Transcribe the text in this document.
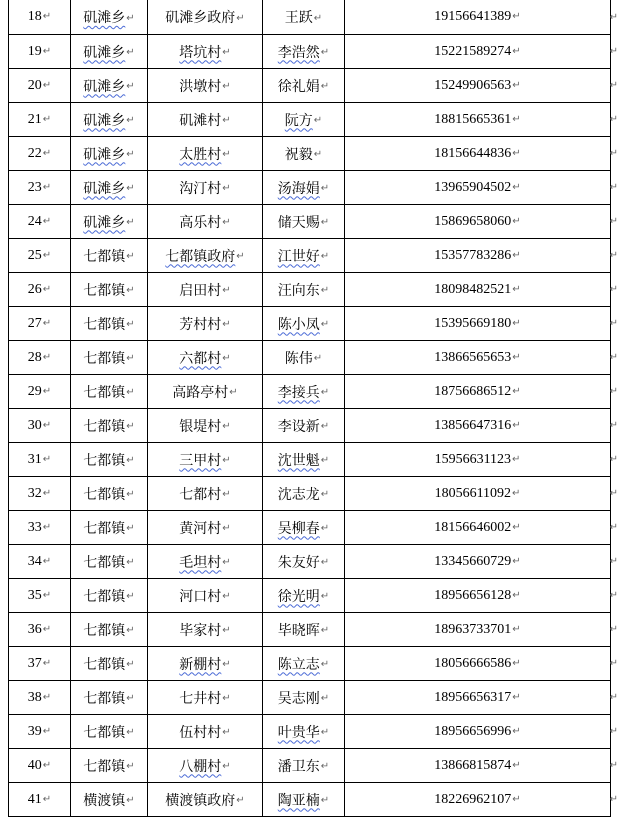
18↵	矶滩乡↵	矶滩乡政府↵	王跃↵	19156641389↵
19↵	矶滩乡↵	塔坑村↵	李浩然↵	15221589274↵
20↵	矶滩乡↵	洪墩村↵	徐礼娟↵	15249906563↵
21↵	矶滩乡↵	矶滩村↵	阮方↵	18815665361↵
22↵	矶滩乡↵	太胜村↵	祝毅↵	18156644836↵
23↵	矶滩乡↵	沟汀村↵	汤海娟↵	13965904502↵
24↵	矶滩乡↵	高乐村↵	储天赐↵	15869658060↵
25↵	七都镇↵	七都镇政府↵	江世好↵	15357783286↵
26↵	七都镇↵	启田村↵	汪向东↵	18098482521↵
27↵	七都镇↵	芳村村↵	陈小凤↵	15395669180↵
28↵	七都镇↵	六都村↵	陈伟↵	13866565653↵
29↵	七都镇↵	高路亭村↵	李接兵↵	18756686512↵
30↵	七都镇↵	银堤村↵	李设新↵	13856647316↵
31↵	七都镇↵	三甲村↵	沈世魁↵	15956631123↵
32↵	七都镇↵	七都村↵	沈志龙↵	18056611092↵
33↵	七都镇↵	黄河村↵	吴柳春↵	18156646002↵
34↵	七都镇↵	毛坦村↵	朱友好↵	13345660729↵
35↵	七都镇↵	河口村↵	徐光明↵	18956656128↵
36↵	七都镇↵	毕家村↵	毕晓晖↵	18963733701↵
37↵	七都镇↵	新棚村↵	陈立志↵	18056666586↵
38↵	七都镇↵	七井村↵	吴志刚↵	18956656317↵
39↵	七都镇↵	伍村村↵	叶贵华↵	18956656996↵
40↵	七都镇↵	八棚村↵	潘卫东↵	13866815874↵
41↵	横渡镇↵	横渡镇政府↵	陶亚楠↵	18226962107↵
↵
↵
↵
↵
↵
↵
↵
↵
↵
↵
↵
↵
↵
↵
↵
↵
↵
↵
↵
↵
↵
↵
↵
↵
